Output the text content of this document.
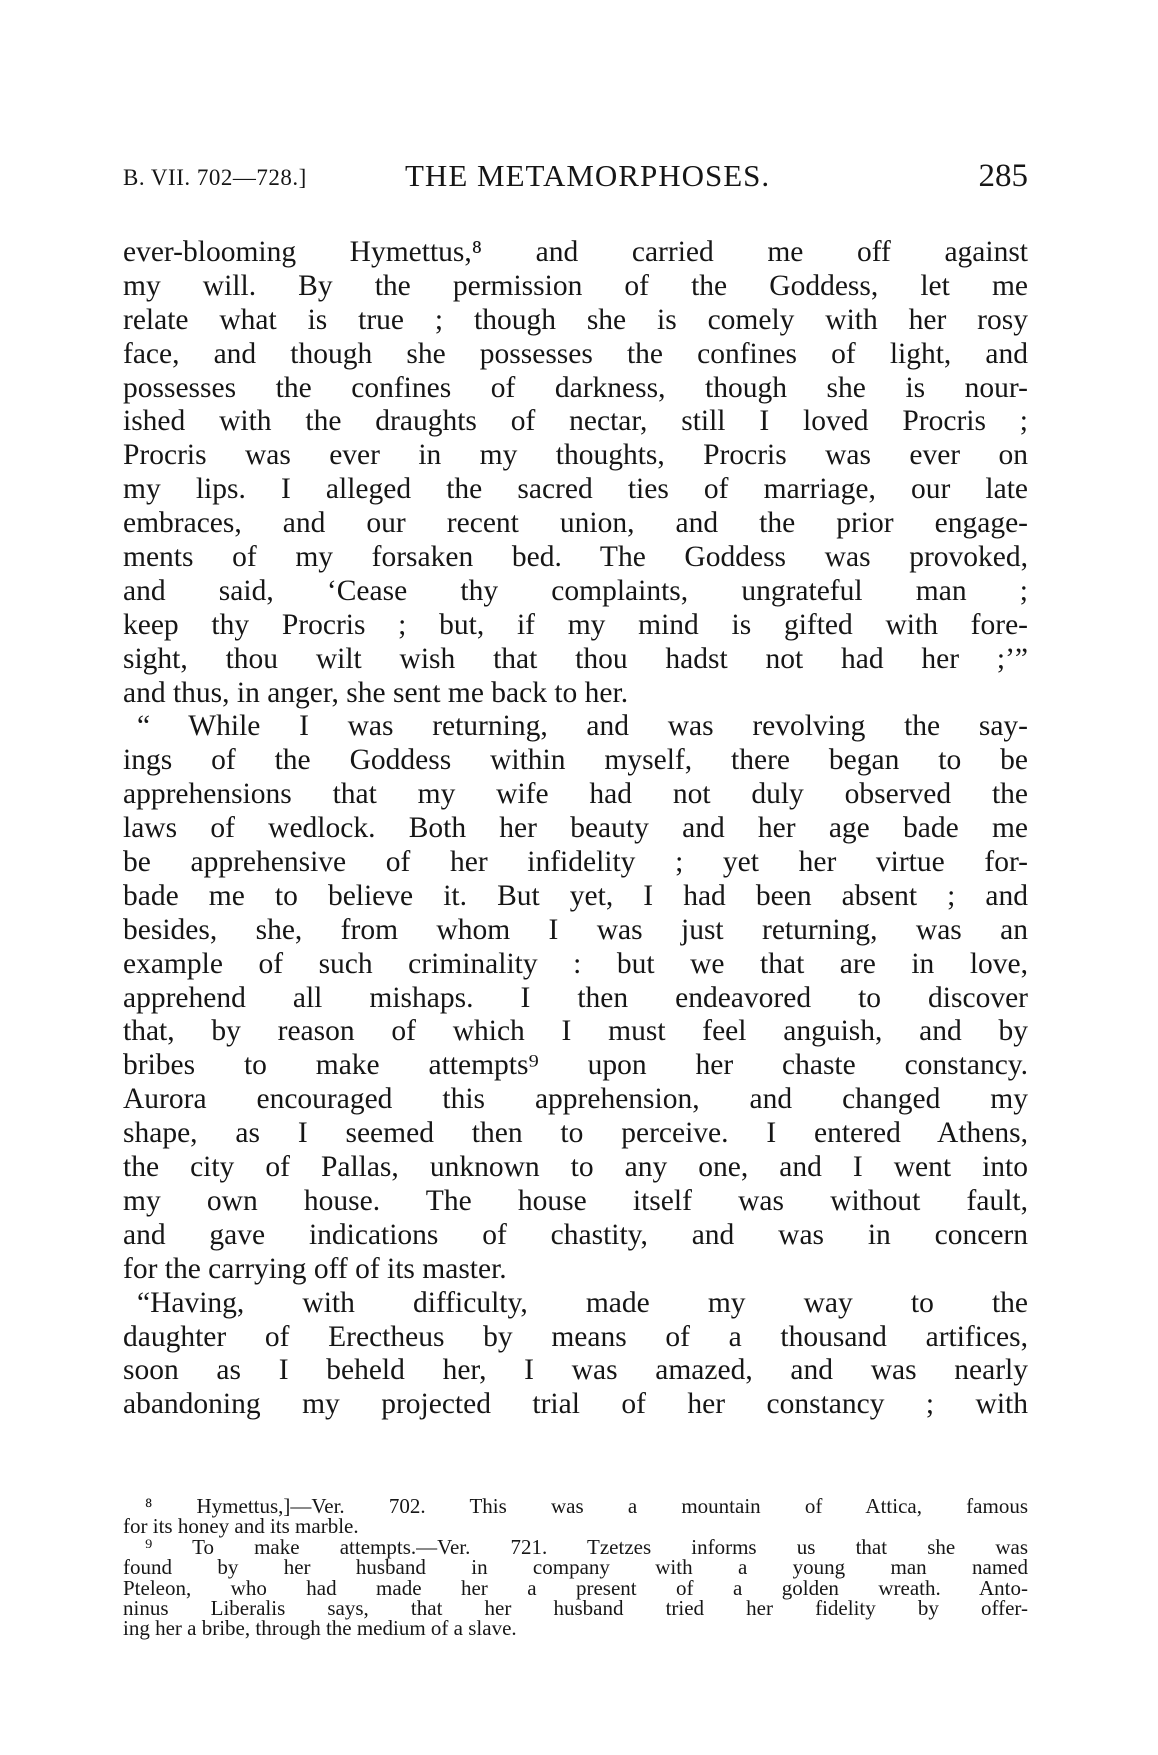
B. VII. 702—728.]	THE METAMORPHOSES.	285
ever-blooming Hymettus,⁸ and carried me off against
my will. By the permission of the Goddess, let me
relate what is true ; though she is comely with her rosy
face, and though she possesses the confines of light, and
possesses the confines of darkness, though she is nour-
ished with the draughts of nectar, still I loved Procris ;
Procris was ever in my thoughts, Procris was ever on
my lips. I alleged the sacred ties of marriage, our late
embraces, and our recent union, and the prior engage-
ments of my forsaken bed. The Goddess was provoked,
and said, ‘Cease thy complaints, ungrateful man ;
keep thy Procris ; but, if my mind is gifted with fore-
sight, thou wilt wish that thou hadst not had her ;’”
and thus, in anger, she sent me back to her.
“ While I was returning, and was revolving the say-
ings of the Goddess within myself, there began to be
apprehensions that my wife had not duly observed the
laws of wedlock. Both her beauty and her age bade me
be apprehensive of her infidelity ; yet her virtue for-
bade me to believe it. But yet, I had been absent ; and
besides, she, from whom I was just returning, was an
example of such criminality : but we that are in love,
apprehend all mishaps. I then endeavored to discover
that, by reason of which I must feel anguish, and by
bribes to make attempts⁹ upon her chaste constancy.
Aurora encouraged this apprehension, and changed my
shape, as I seemed then to perceive. I entered Athens,
the city of Pallas, unknown to any one, and I went into
my own house. The house itself was without fault,
and gave indications of chastity, and was in concern
for the carrying off of its master.
“Having, with difficulty, made my way to the
daughter of Erectheus by means of a thousand artifices,
soon as I beheld her, I was amazed, and was nearly
abandoning my projected trial of her constancy ; with
⁸ Hymettus,]—Ver. 702. This was a mountain of Attica, famous
for its honey and its marble.
⁹ To make attempts.—Ver. 721. Tzetzes informs us that she was
found by her husband in company with a young man named
Pteleon, who had made her a present of a golden wreath. Anto-
ninus Liberalis says, that her husband tried her fidelity by offer-
ing her a bribe, through the medium of a slave.
